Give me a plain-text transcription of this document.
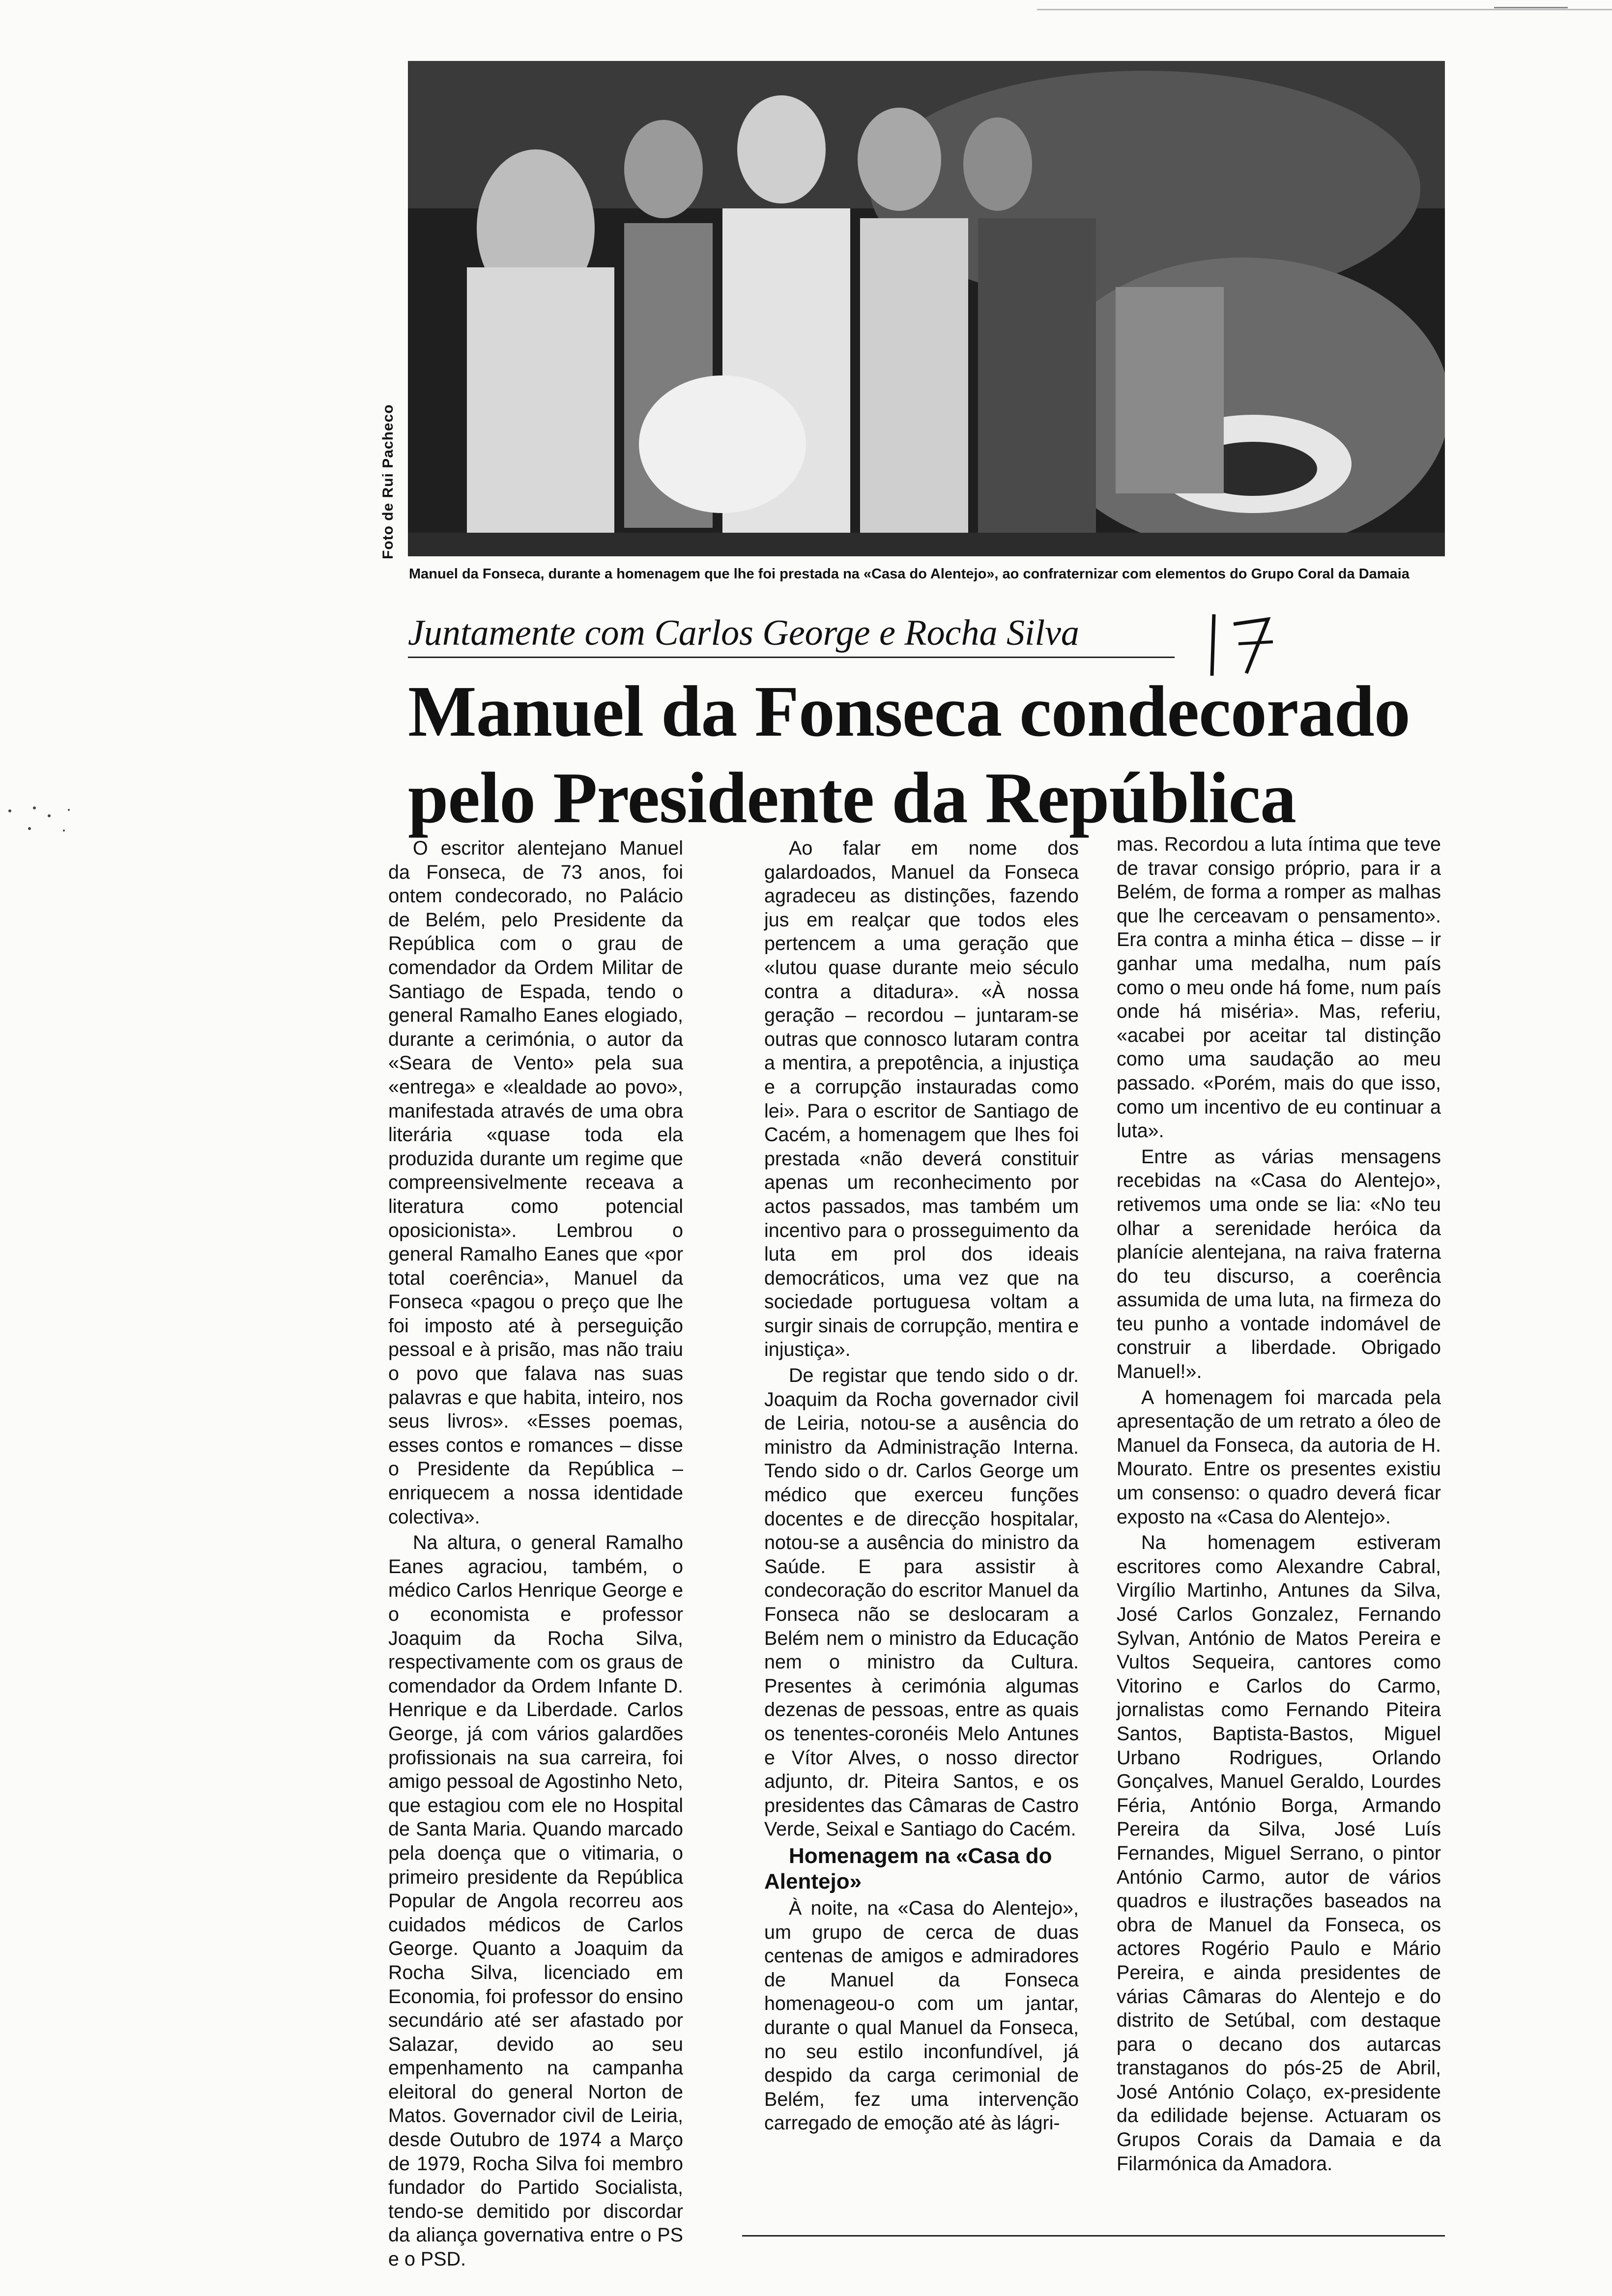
Foto de Rui Pacheco
Manuel da Fonseca, durante a homenagem que lhe foi prestada na «Casa do Alentejo», ao confraternizar com elementos do Grupo Coral da Damaia
Juntamente com Carlos George e Rocha Silva
Manuel da Fonseca condecorado
pelo Presidente da República

O escritor alentejano Manuel da Fonseca, de 73 anos, foi ontem condecorado, no Palácio de Belém, pelo Presidente da República com o grau de comendador da Ordem Militar de Santiago de Espada, tendo o general Ramalho Eanes elogiado, durante a cerimónia, o autor da «Seara de Vento» pela sua «entrega» e «lealdade ao povo», manifestada através de uma obra literária «quase toda ela produzida durante um regime que compreensivelmente receava a literatura como potencial oposicionista». Lembrou o general Ramalho Eanes que «por total coerência», Manuel da Fonseca «pagou o preço que lhe foi imposto até à perseguição pessoal e à prisão, mas não traiu o povo que falava nas suas palavras e que habita, inteiro, nos seus livros». «Esses poemas, esses contos e romances – disse o Presidente da República – enriquecem a nossa identidade colectiva».

Na altura, o general Ramalho Eanes agraciou, também, o médico Carlos Henrique George e o economista e professor Joaquim da Rocha Silva, respectivamente com os graus de comendador da Ordem Infante D. Henrique e da Liberdade. Carlos George, já com vários galardões profissionais na sua carreira, foi amigo pessoal de Agostinho Neto, que estagiou com ele no Hospital de Santa Maria. Quando marcado pela doença que o vitimaria, o primeiro presidente da República Popular de Angola recorreu aos cuidados médicos de Carlos George. Quanto a Joaquim da Rocha Silva, licenciado em Economia, foi professor do ensino secundário até ser afastado por Salazar, devido ao seu empenhamento na campanha eleitoral do general Norton de Matos. Governador civil de Leiria, desde Outubro de 1974 a Março de 1979, Rocha Silva foi membro fundador do Partido Socialista, tendo-se demitido por discordar da aliança governativa entre o PS e o PSD.

Ao falar em nome dos galardoados, Manuel da Fonseca agradeceu as distinções, fazendo jus em realçar que todos eles pertencem a uma geração que «lutou quase durante meio século contra a ditadura». «À nossa geração – recordou – juntaram-se outras que connosco lutaram contra a mentira, a prepotência, a injustiça e a corrupção instauradas como lei». Para o escritor de Santiago de Cacém, a homenagem que lhes foi prestada «não deverá constituir apenas um reconhecimento por actos passados, mas também um incentivo para o prosseguimento da luta em prol dos ideais democráticos, uma vez que na sociedade portuguesa voltam a surgir sinais de corrupção, mentira e injustiça».

De registar que tendo sido o dr. Joaquim da Rocha governador civil de Leiria, notou-se a ausência do ministro da Administração Interna. Tendo sido o dr. Carlos George um médico que exerceu funções docentes e de direcção hospitalar, notou-se a ausência do ministro da Saúde. E para assistir à condecoração do escritor Manuel da Fonseca não se deslocaram a Belém nem o ministro da Educação nem o ministro da Cultura. Presentes à cerimónia algumas dezenas de pessoas, entre as quais os tenentes-coronéis Melo Antunes e Vítor Alves, o nosso director adjunto, dr. Piteira Santos, e os presidentes das Câmaras de Castro Verde, Seixal e Santiago do Cacém.

Homenagem na «Casa do Alentejo»

À noite, na «Casa do Alentejo», um grupo de cerca de duas centenas de amigos e admiradores de Manuel da Fonseca homenageou-o com um jantar, durante o qual Manuel da Fonseca, no seu estilo inconfundível, já despido da carga cerimonial de Belém, fez uma intervenção carregado de emoção até às lágri-

mas. Recordou a luta íntima que teve de travar consigo próprio, para ir a Belém, de forma a romper as malhas que lhe cerceavam o pensamento». Era contra a minha ética – disse – ir ganhar uma medalha, num país como o meu onde há fome, num país onde há miséria». Mas, referiu, «acabei por aceitar tal distinção como uma saudação ao meu passado. «Porém, mais do que isso, como um incentivo de eu continuar a luta».

Entre as várias mensagens recebidas na «Casa do Alentejo», retivemos uma onde se lia: «No teu olhar a serenidade heróica da planície alentejana, na raiva fraterna do teu discurso, a coerência assumida de uma luta, na firmeza do teu punho a vontade indomável de construir a liberdade. Obrigado Manuel!».

A homenagem foi marcada pela apresentação de um retrato a óleo de Manuel da Fonseca, da autoria de H. Mourato. Entre os presentes existiu um consenso: o quadro deverá ficar exposto na «Casa do Alentejo».

Na homenagem estiveram escritores como Alexandre Cabral, Virgílio Martinho, Antunes da Silva, José Carlos Gonzalez, Fernando Sylvan, António de Matos Pereira e Vultos Sequeira, cantores como Vitorino e Carlos do Carmo, jornalistas como Fernando Piteira Santos, Baptista-Bastos, Miguel Urbano Rodrigues, Orlando Gonçalves, Manuel Geraldo, Lourdes Féria, António Borga, Armando Pereira da Silva, José Luís Fernandes, Miguel Serrano, o pintor António Carmo, autor de vários quadros e ilustrações baseados na obra de Manuel da Fonseca, os actores Rogério Paulo e Mário Pereira, e ainda presidentes de várias Câmaras do Alentejo e do distrito de Setúbal, com destaque para o decano dos autarcas transtaganos do pós-25 de Abril, José António Colaço, ex-presidente da edilidade bejense. Actuaram os Grupos Corais da Damaia e da Filarmónica da Amadora.
